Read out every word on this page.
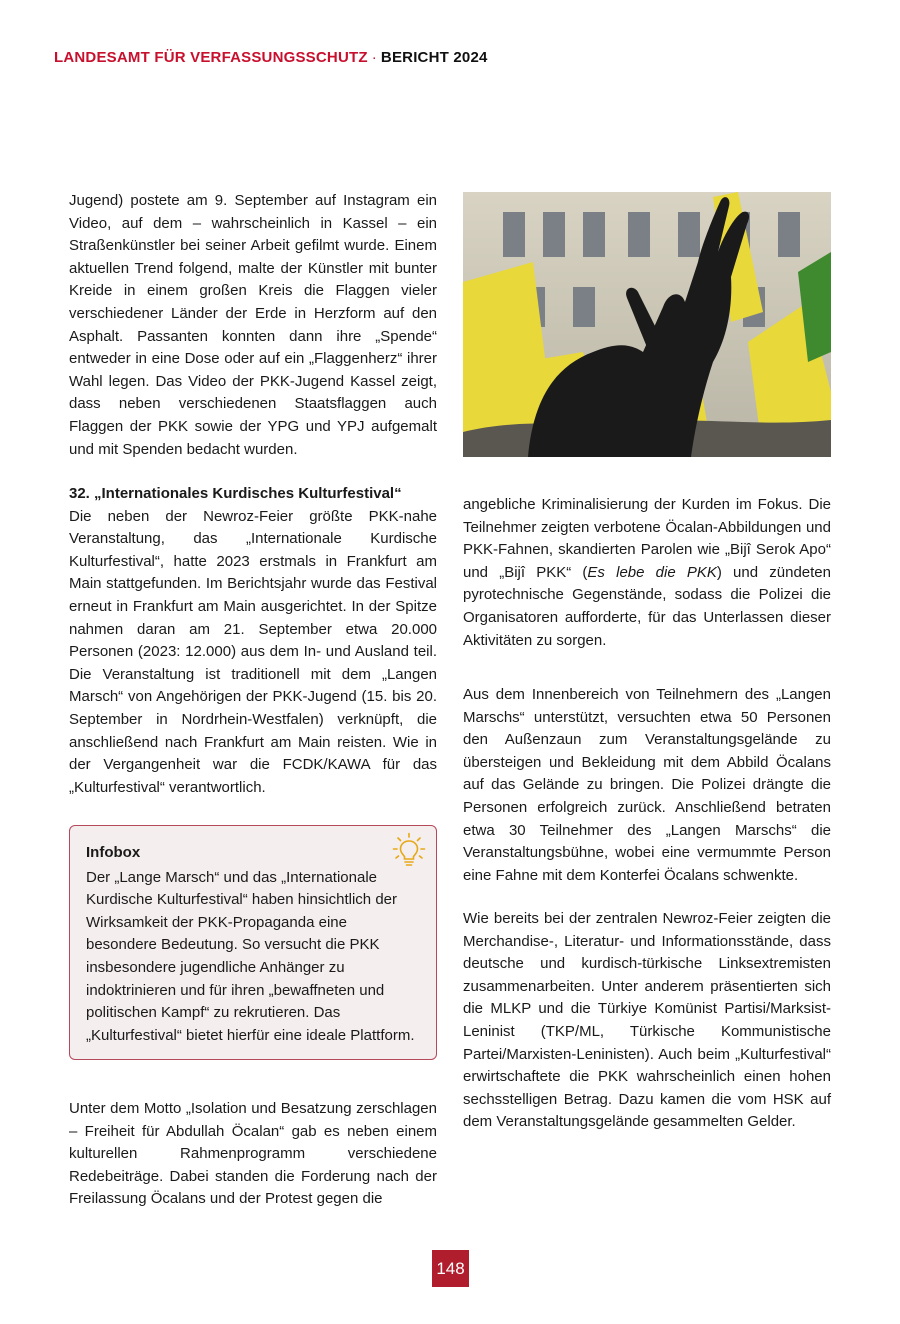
LANDESAMT FÜR VERFASSUNGSSCHUTZ · BERICHT 2024

Jugend) postete am 9. September auf Instagram ein Video, auf dem – wahrscheinlich in Kassel – ein Straßenkünstler bei seiner Arbeit gefilmt wurde. Einem aktuellen Trend folgend, malte der Künstler mit bunter Kreide in einem großen Kreis die Flaggen vieler verschiedener Länder der Erde in Herzform auf den Asphalt. Passanten konnten dann ihre „Spende“ entweder in eine Dose oder auf ein „Flaggenherz“ ihrer Wahl legen. Das Video der PKK-Jugend Kassel zeigt, dass neben verschiedenen Staatsflaggen auch Flaggen der PKK sowie der YPG und YPJ aufgemalt und mit Spenden bedacht wurden.

32. „Internationales Kurdisches Kulturfestival“

Die neben der Newroz-Feier größte PKK-nahe Veranstaltung, das „Internationale Kurdische Kulturfestival“, hatte 2023 erstmals in Frankfurt am Main stattgefunden. Im Berichtsjahr wurde das Festival erneut in Frankfurt am Main ausgerichtet. In der Spitze nahmen daran am 21. September etwa 20.000 Personen (2023: 12.000) aus dem In- und Ausland teil. Die Veranstaltung ist traditionell mit dem „Langen Marsch“ von Angehörigen der PKK-Jugend (15. bis 20. September in Nordrhein-Westfalen) verknüpft, die anschließend nach Frankfurt am Main reisten. Wie in der Vergangenheit war die FCDK/KAWA für das „Kulturfestival“ verantwortlich.

Infobox

Der „Lange Marsch“ und das „Internationale Kurdische Kulturfestival“ haben hinsichtlich der Wirksamkeit der PKK-Propaganda eine besondere Bedeutung. So versucht die PKK insbesondere jugendliche Anhänger zu indoktrinieren und für ihren „bewaffneten und politischen Kampf“ zu rekrutieren. Das „Kulturfestival“ bietet hierfür eine ideale Plattform.

Unter dem Motto „Isolation und Besatzung zerschlagen – Freiheit für Abdullah Öcalan“ gab es neben einem kulturellen Rahmenprogramm verschiedene Redebeiträge. Dabei standen die Forderung nach der Freilassung Öcalans und der Protest gegen die

angebliche Kriminalisierung der Kurden im Fokus. Die Teilnehmer zeigten verbotene Öcalan-Abbildungen und PKK-Fahnen, skandierten Parolen wie „Bijî Serok Apo“ und „Bijî PKK“ (Es lebe die PKK) und zündeten pyrotechnische Gegenstände, sodass die Polizei die Organisatoren aufforderte, für das Unterlassen dieser Aktivitäten zu sorgen.

Aus dem Innenbereich von Teilnehmern des „Langen Marschs“ unterstützt, versuchten etwa 50 Personen den Außenzaun zum Veranstaltungsgelände zu übersteigen und Bekleidung mit dem Abbild Öcalans auf das Gelände zu bringen. Die Polizei drängte die Personen erfolgreich zurück. Anschließend betraten etwa 30 Teilnehmer des „Langen Marschs“ die Veranstaltungsbühne, wobei eine vermummte Person eine Fahne mit dem Konterfei Öcalans schwenkte.

Wie bereits bei der zentralen Newroz-Feier zeigten die Merchandise-, Literatur- und Informationsstände, dass deutsche und kurdisch-türkische Linksextremisten zusammenarbeiten. Unter anderem präsentierten sich die MLKP und die Türkiye Komünist Partisi/Marksist-Leninist (TKP/ML, Türkische Kommunistische Partei/Marxisten-Leninisten). Auch beim „Kulturfestival“ erwirtschaftete die PKK wahrscheinlich einen hohen sechsstelligen Betrag. Dazu kamen die vom HSK auf dem Veranstaltungsgelände gesammelten Gelder.

148
